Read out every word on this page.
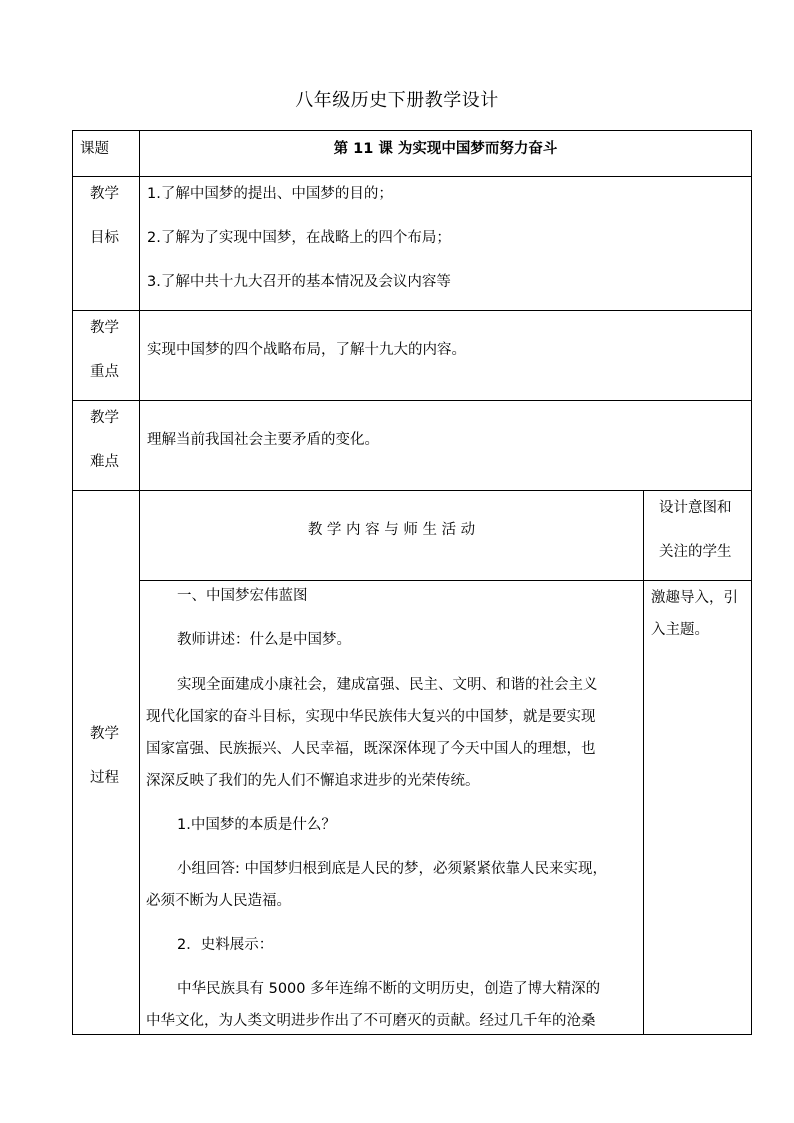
八年级历史下册教学设计
课题	第 11 课 为实现中国梦而努力奋斗
教学
目标
1.了解中国梦的提出、中国梦的目的；
2.了解为了实现中国梦，在战略上的四个布局；
3.了解中共十九大召开的基本情况及会议内容等
教学
重点
实现中国梦的四个战略布局，了解十九大的内容。
教学
难点
理解当前我国社会主要矛盾的变化。
教学
过程
教 学 内 容 与 师 生 活 动
设计意图和
关注的学生
激趣导入，引
入主题。
一、中国梦宏伟蓝图
教师讲述：什么是中国梦。
实现全面建成小康社会，建成富强、民主、文明、和谐的社会主义
现代化国家的奋斗目标，实现中华民族伟大复兴的中国梦，就是要实现
国家富强、民族振兴、人民幸福，既深深体现了今天中国人的理想，也
深深反映了我们的先人们不懈追求进步的光荣传统。
1.中国梦的本质是什么？
小组回答: 中国梦归根到底是人民的梦，必须紧紧依靠人民来实现，
必须不断为人民造福。
2．史料展示：
中华民族具有 5000 多年连绵不断的文明历史，创造了博大精深的
中华文化，为人类文明进步作出了不可磨灭的贡献。经过几千年的沧桑
